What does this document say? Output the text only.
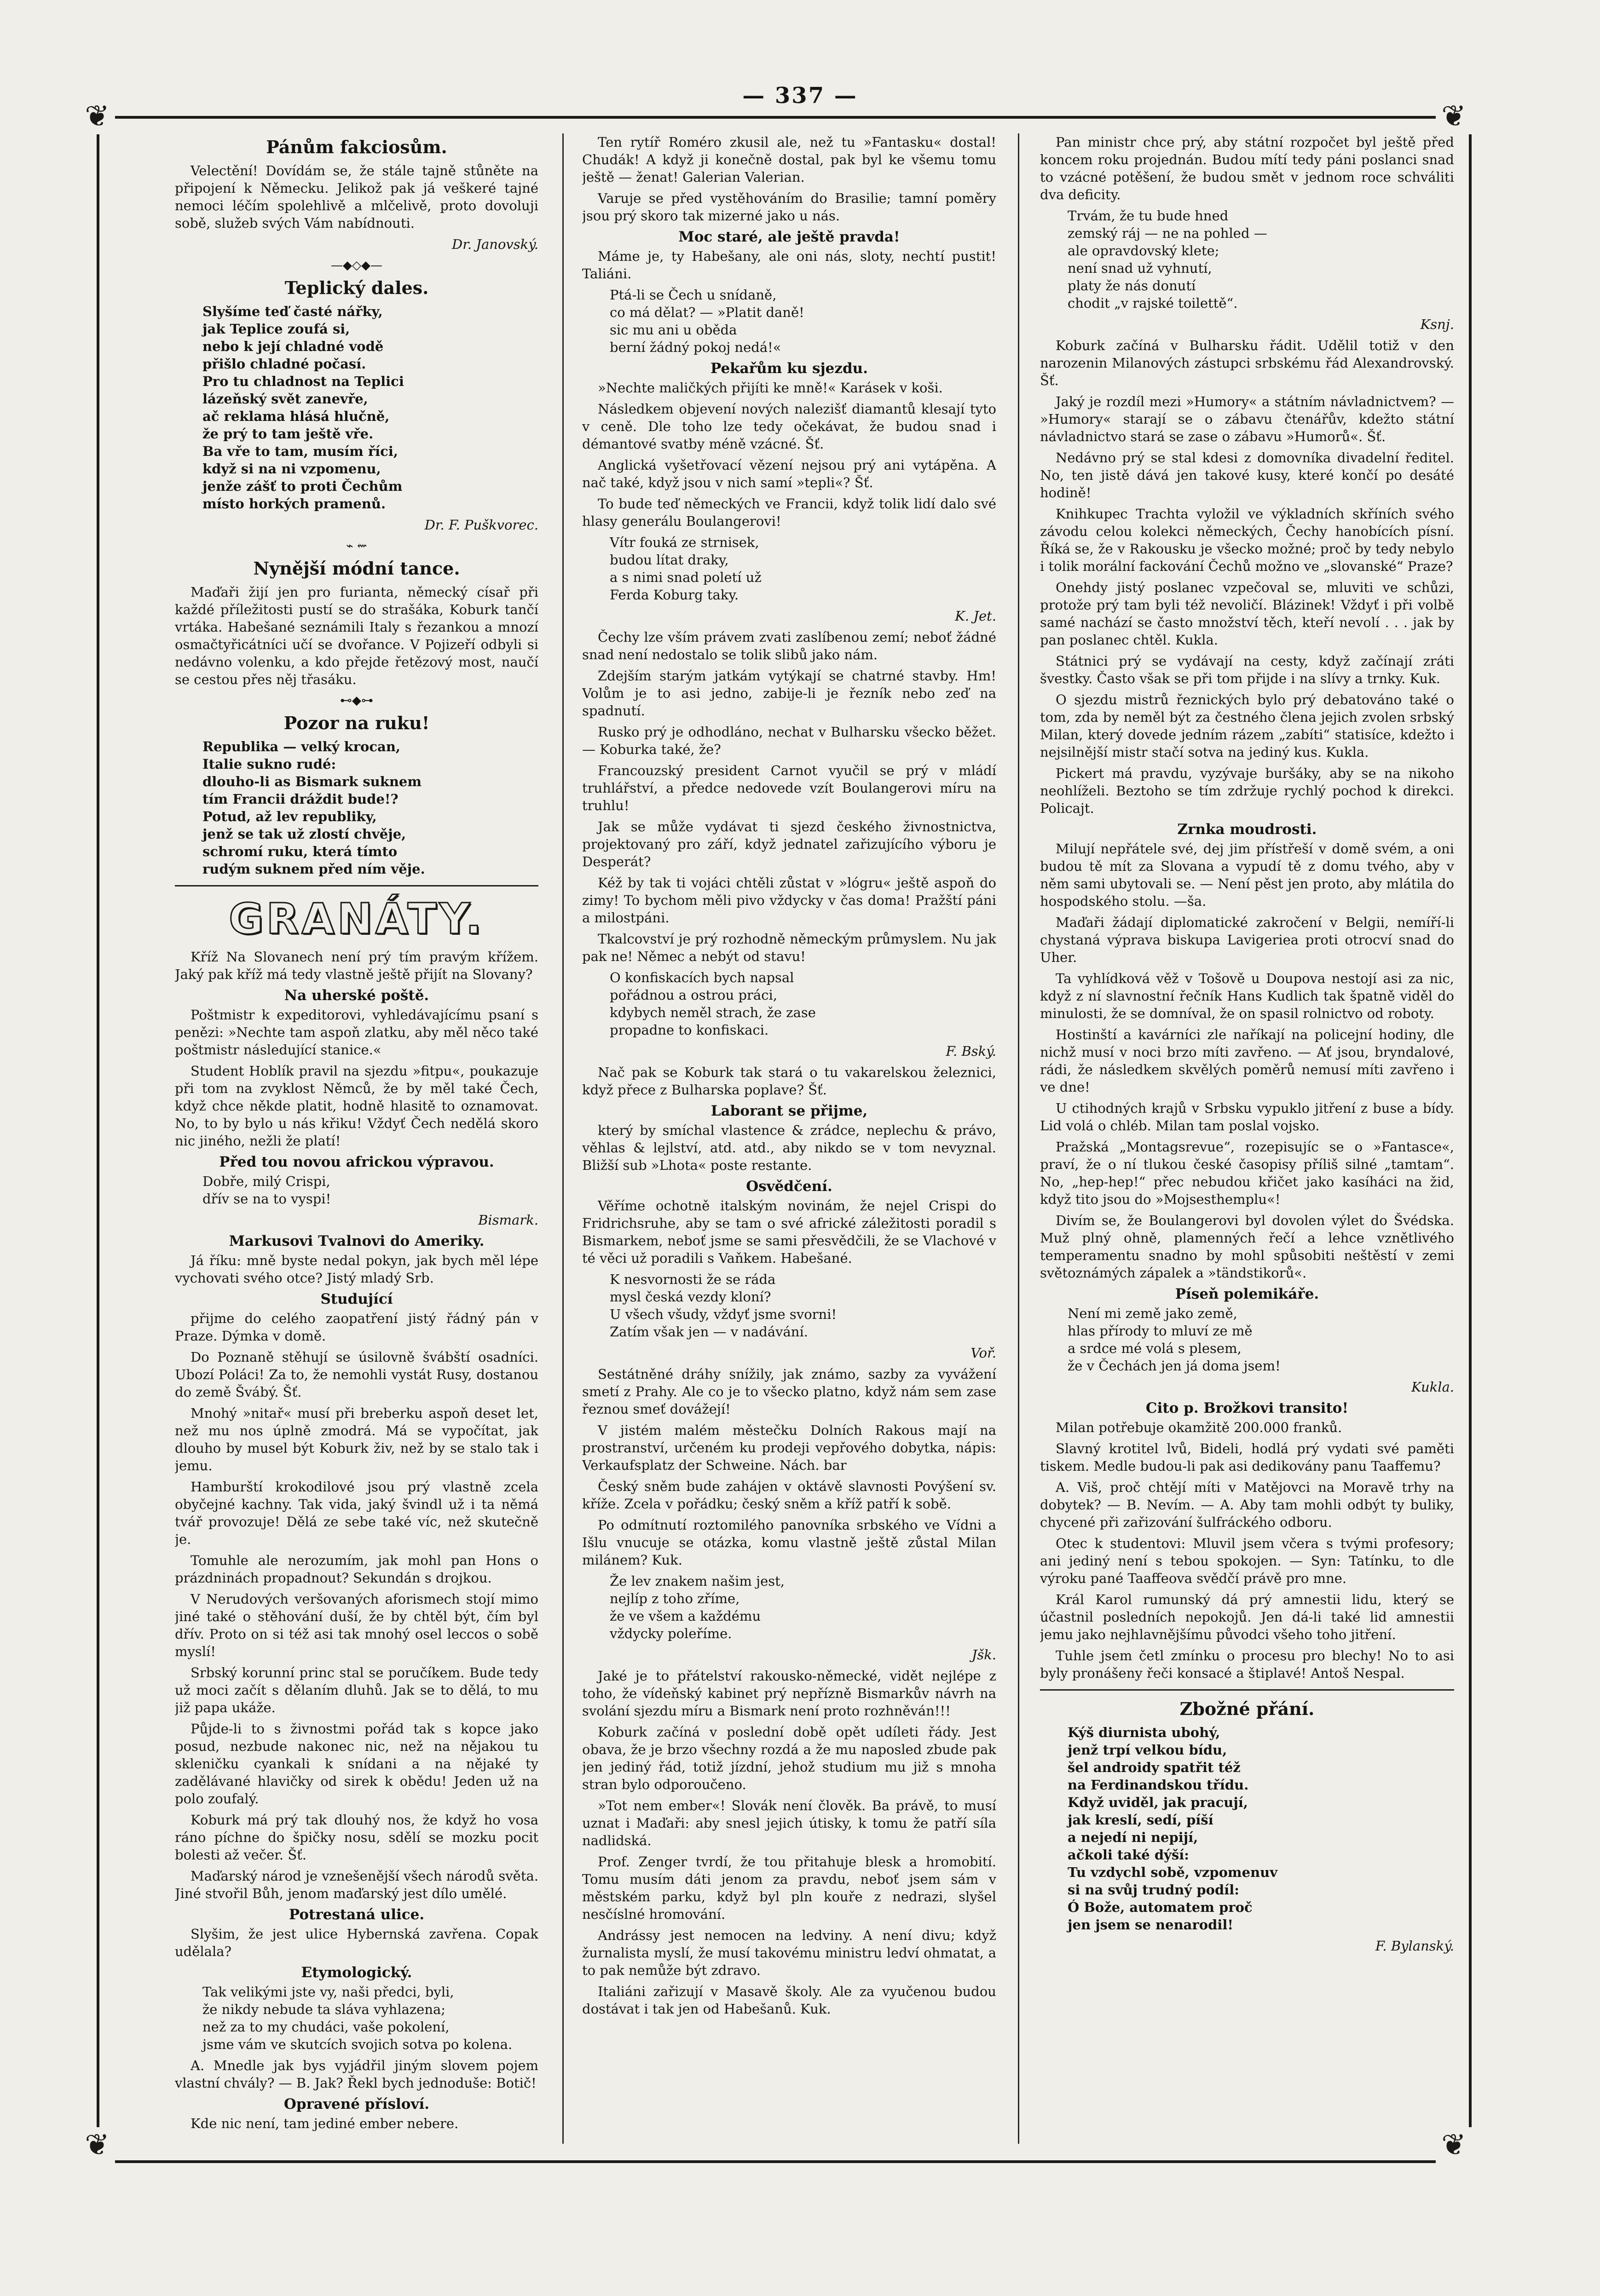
— 337 —
❦	❦
❦	❦
Pánům fakciosům.

Velectění! Dovídám se, že stále tajně stůněte na připojení k Německu. Jelikož pak já veškeré tajné nemoci léčím spolehlivě a mlčelivě, proto dovoluji sobě, služeb svých Vám nabídnouti.

Dr. Janovský.
—◆◇◆—
Teplický dales.
Slyšíme teď časté nářky,
jak Teplice zoufá si,
nebo k její chladné vodě
přišlo chladné počasí.
Pro tu chladnost na Teplici
lázeňský svět zanevře,
ač reklama hlásá hlučně,
že prý to tam ještě vře.
Ba vře to tam, musím říci,
když si na ni vzpomenu,
jenže zášť to proti Čechům
místo horkých pramenů.
Dr. F. Puškvorec.
⌁ ⇜
Nynější módní tance.

Maďaři žijí jen pro furianta, německý císař při každé příležitosti pustí se do strašáka, Koburk tančí vrtáka. Habešané seznámili Italy s řezankou a mnozí osmačtyřicátníci učí se dvořance. V Pojizeří odbyli si nedávno volenku, a kdo přejde řetězový most, naučí se cestou přes něj třasáku.

⊷◆⊶
Pozor na ruku!
Republika — velký krocan,
Italie sukno rudé:
dlouho-li as Bismark suknem
tím Francii dráždit bude!?
Potud, až lev republiky,
jenž se tak už zlostí chvěje,
schromí ruku, která tímto
rudým suknem před ním věje.
GRANÁTY.

Kříž Na Slovanech není prý tím pravým křížem. Jaký pak kříž má tedy vlastně ještě přijít na Slovany?

Na uherské poště.

Poštmistr k expeditorovi, vyhledávajícímu psaní s penězi: »Nechte tam aspoň zlatku, aby měl něco také poštmistr následující stanice.«

Student Hoblík pravil na sjezdu »fitpu«, poukazuje při tom na zvyklost Němců, že by měl také Čech, když chce někde platit, hodně hlasitě to oznamovat. No, to by bylo u nás křiku! Vždyť Čech nedělá skoro nic jiného, nežli že platí!

Před tou novou africkou výpravou.
Dobře, milý Crispi,
dřív se na to vyspi!
Bismark.
Markusovi Tvalnovi do Ameriky.

Já říku: mně byste nedal pokyn, jak bych měl lépe vychovati svého otce? Jistý mladý Srb.

Studující

přijme do celého zaopatření jistý řádný pán v Praze. Dýmka v domě.

Do Poznaně stěhují se úsilovně švábští osadníci. Ubozí Poláci! Za to, že nemohli vystát Rusy, dostanou do země Švábý. Šť.

Mnohý »nitař« musí při breberku aspoň deset let, než mu nos úplně zmodrá. Má se vypočítat, jak dlouho by musel být Koburk živ, než by se stalo tak i jemu.

Hamburští krokodilové jsou prý vlastně zcela obyčejné kachny. Tak vida, jaký švindl už i ta němá tvář provozuje! Dělá ze sebe také víc, než skutečně je.

Tomuhle ale nerozumím, jak mohl pan Hons o prázdninách propadnout? Sekundán s drojkou.

V Nerudových veršovaných aforismech stojí mimo jiné také o stěhování duší, že by chtěl být, čím byl dřív. Proto on si též asi tak mnohý osel leccos o sobě myslí!

Srbský korunní princ stal se poručíkem. Bude tedy už moci začít s dělaním dluhů. Jak se to dělá, to mu již papa ukáže.

Půjde-li to s živnostmi pořád tak s kopce jako posud, nezbude nakonec nic, než na nějakou tu skleničku cyankali k snídani a na nějaké ty zadělávané hlavičky od sirek k obědu! Jeden už na polo zoufalý.

Koburk má prý tak dlouhý nos, že když ho vosa ráno píchne do špičky nosu, sdělí se mozku pocit bolesti až večer. Šť.

Maďarský národ je vznešenější všech národů světa. Jiné stvořil Bůh, jenom maďarský jest dílo umělé.

Potrestaná ulice.

Slyšim, že jest ulice Hybernská zavřena. Copak udělala?

Etymologický.
Tak velikými jste vy, naši předci, byli,
že nikdy nebude ta sláva vyhlazena;
než za to my chudáci, vaše pokolení,
jsme vám ve skutcích svojich sotva po kolena.

A. Mnedle jak bys vyjádřil jiným slovem pojem vlastní chvály? — B. Jak? Řekl bych jednoduše: Botič!

Opravené přísloví.

Kde nic není, tam jediné ember nebere.

Ten rytíř Roméro zkusil ale, než tu »Fantasku« dostal! Chudák! A když ji konečně dostal, pak byl ke všemu tomu ještě — ženat! Galerian Valerian.

Varuje se před vystěhováním do Brasilie; tamní poměry jsou prý skoro tak mizerné jako u nás.

Moc staré, ale ještě pravda!

Máme je, ty Habešany, ale oni nás, sloty, nechtí pustit! Taliáni.

Ptá-li se Čech u snídaně,
co má dělat? — »Platit daně!
sic mu ani u oběda
berní žádný pokoj nedá!«
Pekařům ku sjezdu.

»Nechte maličkých přijíti ke mně!« Karásek v koši.

Následkem objevení nových nalezišť diamantů klesají tyto v ceně. Dle toho lze tedy očekávat, že budou snad i démantové svatby méně vzácné. Šť.

Anglická vyšetřovací vězení nejsou prý ani vytápěna. A nač také, když jsou v nich samí »tepli«? Šť.

To bude teď německých ve Francii, když tolik lidí dalo své hlasy generálu Boulangerovi!

Vítr fouká ze strnisek,
budou lítat draky,
a s nimi snad poletí už
Ferda Koburg taky.
K. Jet.

Čechy lze vším právem zvati zaslíbenou zemí; neboť žádné snad není nedostalo se tolik slibů jako nám.

Zdejším starým jatkám vytýkají se chatrné stavby. Hm! Volům je to asi jedno, zabije-li je řezník nebo zeď na spadnutí.

Rusko prý je odhodláno, nechat v Bulharsku všecko běžet. — Koburka také, že?

Francouzský president Carnot vyučil se prý v mládí truhlářství, a předce nedovede vzít Boulangerovi míru na truhlu!

Jak se může vydávat ti sjezd českého živnostnictva, projektovaný pro září, když jednatel zařizujícího výboru je Desperát?

Kéž by tak ti vojáci chtěli zůstat v »lógru« ještě aspoň do zimy! To bychom měli pivo vždycky v čas doma! Pražští páni a milostpáni.

Tkalcovství je prý rozhodně německým průmyslem. Nu jak pak ne! Němec a nebýt od stavu!

O konfiskacích bych napsal
pořádnou a ostrou práci,
kdybych neměl strach, že zase
propadne to konfiskaci.
F. Bský.

Nač pak se Koburk tak stará o tu vakarelskou železnici, když přece z Bulharska poplave? Šť.

Laborant se přijme,

který by smíchal vlastence & zrádce, neplechu & právo, věhlas & lejlství, atd. atd., aby nikdo se v tom nevyznal. Bližší sub »Lhota« poste restante.

Osvědčení.

Věříme ochotně italským novinám, že nejel Crispi do Fridrichsruhe, aby se tam o své africké záležitosti poradil s Bismarkem, neboť jsme se sami přesvědčili, že se Vlachové v té věci už poradili s Vaňkem. Habešané.

K nesvornosti že se ráda
mysl česká vezdy kloní?
U všech všudy, vždyť jsme svorni!
Zatím však jen — v nadávání.
Voř.

Sestátněné dráhy snížily, jak známo, sazby za vyvážení smetí z Prahy. Ale co je to všecko platno, když nám sem zase řeznou smeť dovážejí!

V jistém malém městečku Dolních Rakous mají na prostranství, určeném ku prodeji vepřového dobytka, nápis: Verkaufsplatz der Schweine. Nách. bar

Český sněm bude zahájen v oktávě slavnosti Povýšení sv. kříže. Zcela v pořádku; český sněm a kříž patří k sobě.

Po odmítnutí roztomilého panovníka srbského ve Vídni a Išlu vnucuje se otázka, komu vlastně ještě zůstal Milan milánem? Kuk.

Že lev znakem našim jest,
nejlíp z toho zříme,
že ve všem a každému
vždycky poleříme.
Jšk.

Jaké je to přátelství rakousko-německé, vidět nejlépe z toho, že vídeňský kabinet prý nepřízně Bismarkův návrh na svolání sjezdu míru a Bismark není proto rozhněván!!!

Koburk začíná v poslední době opět udíleti řády. Jest obava, že je brzo všechny rozdá a že mu naposled zbude pak jen jediný řád, totiž jízdní, jehož studium mu již s mnoha stran bylo odporoučeno.

»Tot nem ember«! Slovák není člověk. Ba právě, to musí uznat i Maďaři: aby snesl jejich útisky, k tomu že patří síla nadlidská.

Prof. Zenger tvrdí, že tou přitahuje blesk a hromobití. Tomu musím dáti jenom za pravdu, neboť jsem sám v městském parku, když byl pln kouře z nedrazi, slyšel nesčíslné hromování.

Andrássy jest nemocen na ledviny. A není divu; když žurnalista myslí, že musí takovému ministru ledví ohmatat, a to pak nemůže být zdravo.

Italiáni zařizují v Masavě školy. Ale za vyučenou budou dostávat i tak jen od Habešanů. Kuk.

Pan ministr chce prý, aby státní rozpočet byl ještě před koncem roku projednán. Budou mítí tedy páni poslanci snad to vzácné potěšení, že budou smět v jednom roce schváliti dva deficity.

Trvám, že tu bude hned
zemský ráj — ne na pohled —
ale opravdovský klete;
není snad už vyhnutí,
platy že nás donutí
chodit „v rajské toilettě“.
Ksnj.

Koburk začíná v Bulharsku řádit. Udělil totiž v den narozenin Milanových zástupci srbskému řád Alexandrovský. Šť.

Jaký je rozdíl mezi »Humory« a státním návladnictvem? — »Humory« starají se o zábavu čtenářův, kdežto státní návladnictvo stará se zase o zábavu »Humorů«. Šť.

Nedávno prý se stal kdesi z domovníka divadelní ředitel. No, ten jistě dává jen takové kusy, které končí po desáté hodině!

Knihkupec Trachta vyložil ve výkladních skříních svého závodu celou kolekci německých, Čechy hanobících písní. Říká se, že v Rakousku je všecko možné; proč by tedy nebylo i tolik morální fackování Čechů možno ve „slovanské“ Praze?

Onehdy jistý poslanec vzpečoval se, mluviti ve schůzi, protože prý tam byli též nevoličí. Blázinek! Vždyť i při volbě samé nachází se často množství těch, kteří nevolí . . . jak by pan poslanec chtěl. Kukla.

Státnici prý se vydávají na cesty, když začínají zráti švestky. Často však se při tom přijde i na slívy a trnky. Kuk.

O sjezdu mistrů řeznických bylo prý debatováno také o tom, zda by neměl být za čestného člena jejich zvolen srbský Milan, který dovede jedním rázem „zabíti“ statisíce, kdežto i nejsilnější mistr stačí sotva na jediný kus. Kukla.

Pickert má pravdu, vyzývaje buršáky, aby se na nikoho neohlíželi. Beztoho se tím zdržuje rychlý pochod k direkci. Policajt.

Zrnka moudrosti.

Milují nepřátele své, dej jim přístřeší v domě svém, a oni budou tě mít za Slovana a vypudí tě z domu tvého, aby v něm sami ubytovali se. — Není pěst jen proto, aby mlátila do hospodského stolu. —ša.

Maďaři žádají diplomatické zakročení v Belgii, nemíří-li chystaná výprava biskupa Lavigeriea proti otrocví snad do Uher.

Ta vyhlídková věž v Tošově u Doupova nestojí asi za nic, když z ní slavnostní řečník Hans Kudlich tak špatně viděl do minulosti, že se domníval, že on spasil rolnictvo od roboty.

Hostinští a kavárníci zle naříkají na policejní hodiny, dle nichž musí v noci brzo míti zavřeno. — Ať jsou, bryndalové, rádi, že následkem skvělých poměrů nemusí míti zavřeno i ve dne!

U ctihodných krajů v Srbsku vypuklo jitření z buse a bídy. Lid volá o chléb. Milan tam poslal vojsko.

Pražská „Montagsrevue“, rozepisujíc se o »Fantasce«, praví, že o ní tlukou české časopisy příliš silné „tamtam“. No, „hep-hep!“ přec nebudou křičet jako kasíháci na žid, když tito jsou do »Mojsesthemplu«!

Divím se, že Boulangerovi byl dovolen výlet do Švédska. Muž plný ohně, plamenných řečí a lehce vznětlivého temperamentu snadno by mohl spůsobiti neštěstí v zemi světoznámých zápalek a »tändstikorů«.

Píseň polemikáře.
Není mi země jako země,
hlas přírody to mluví ze mě
a srdce mé volá s plesem,
že v Čechách jen já doma jsem!
Kukla.
Cito p. Brožkovi transito!

Milan potřebuje okamžitě 200.000 franků.

Slavný krotitel lvů, Bideli, hodlá prý vydati své paměti tiskem. Medle budou-li pak asi dedikovány panu Taaffemu?

A. Viš, proč chtějí míti v Matějovci na Moravě trhy na dobytek? — B. Nevím. — A. Aby tam mohli odbýt ty buliky, chycené při zařizování šulfráckého odboru.

Otec k studentovi: Mluvil jsem včera s tvými profesory; ani jediný není s tebou spokojen. — Syn: Tatínku, to dle výroku pané Taaffeova svědčí právě pro mne.

Král Karol rumunský dá prý amnestii lidu, který se účastnil posledních nepokojů. Jen dá-li také lid amnestii jemu jako nejhlavnějšímu původci všeho toho jitření.

Tuhle jsem četl zmínku o procesu pro blechy! No to asi byly pronášeny řeči konsacé a štiplavé! Antoš Nespal.

Zbožné přání.
Kýš diurnista ubohý,
jenž trpí velkou bídu,
šel androidy spatřit též
na Ferdinandskou třídu.
Když uviděl, jak pracují,
jak kreslí, sedí, píší
a nejedí ni nepijí,
ačkoli také dýší:
Tu vzdychl sobě, vzpomenuv
si na svůj trudný podíl:
Ó Bože, automatem proč
jen jsem se nenarodil!
F. Bylanský.
